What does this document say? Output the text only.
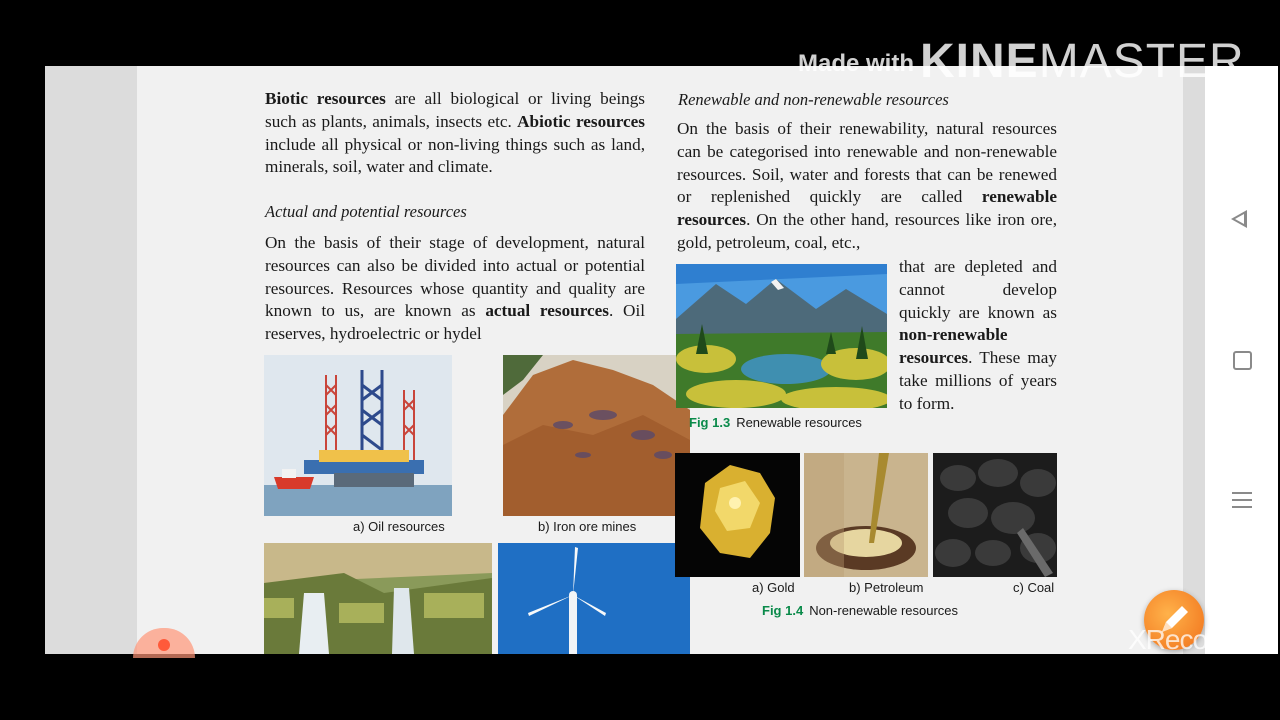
Biotic resources are all biological or living beings such as plants, animals, insects etc. Abiotic resources include all physical or non-living things such as land, minerals, soil, water and climate.

Actual and potential resources

On the basis of their stage of development, natural resources can also be divided into actual or potential resources. Resources whose quantity and quality are known to us, are known as actual resources. Oil reserves, hydroelectric or hydel

a) Oil resources	b) Iron ore mines
Renewable and non-renewable resources

On the basis of their renewability, natural resources can be categorised into renewable and non-renewable resources. Soil, water and forests that can be renewed or replenished quickly are called renewable resources. On the other hand, resources like iron ore, gold, petroleum, coal, etc.,

that are depleted and cannot develop quickly are known as non-renewable resources. These may take millions of years to form.

Fig 1.3 Renewable resources
a) Gold	b) Petroleum	c) Coal
Fig 1.4 Non-renewable resources
Made with KINEMASTER
XRecorder
